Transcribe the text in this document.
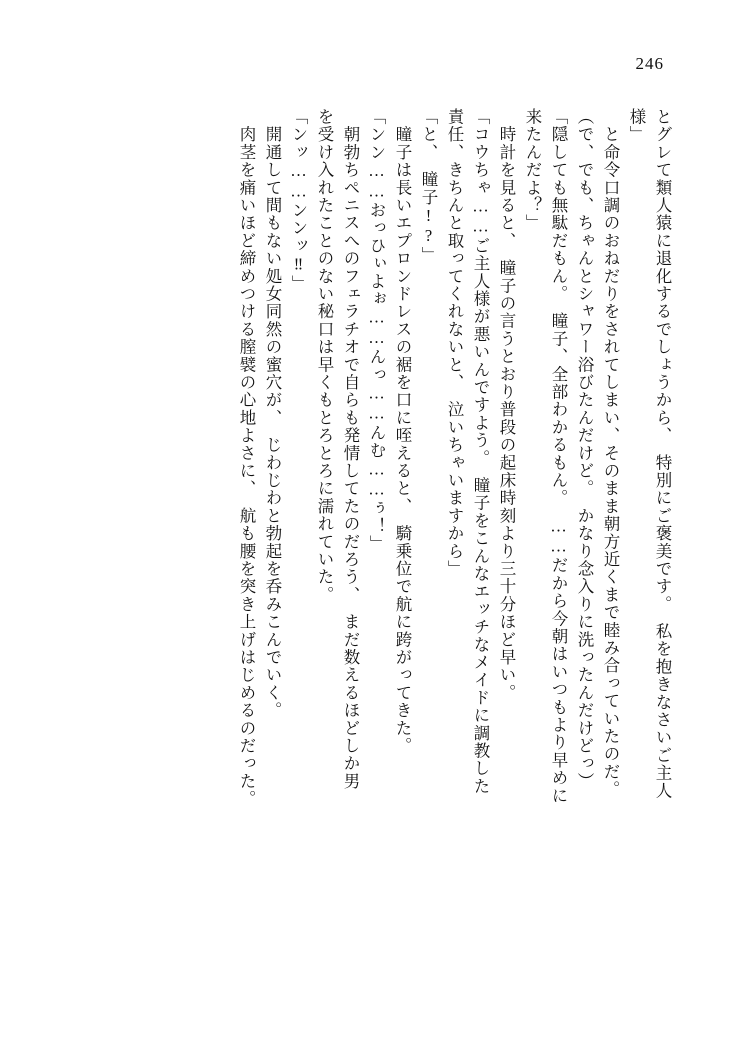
246
とグレて類人猿に退化するでしょうから、　特別にご褒美です。　私を抱きなさいご主人
様」
　と命令口調のおねだりをされてしまい、そのまま朝方近くまで睦み合っていたのだ。
（で、でも、ちゃんとシャワー浴びたんだけど。　かなり念入りに洗ったんだけどっ）
「隠しても無駄だもん。　瞳子、全部わかるもん。　……だから今朝はいつもより早めに
来たんだよ？」
　時計を見ると、　瞳子の言うとおり普段の起床時刻より三十分ほど早い。
「コウちゃ……ご主人様が悪いんですよう。　瞳子をこんなエッチなメイドに調教した
責任、きちんと取ってくれないと、　泣いちゃいますから」
「と、　瞳子!?」
　瞳子は長いエプロンドレスの裾を口に咥えると、　騎乗位で航に跨がってきた。
「ンン……おっひぃよぉ……んっ……んむ……ぅ！」
　朝勃ちペニスへのフェラチオで自らも発情してたのだろう、　まだ数えるほどしか男
を受け入れたことのない秘口は早くもとろとろに濡れていた。
「ンッ……ンンッ‼」
　開通して間もない処女同然の蜜穴が、　じわじわと勃起を呑みこんでいく。
　肉茎を痛いほど締めつける膣襞の心地よさに、　航も腰を突き上げはじめるのだった。
